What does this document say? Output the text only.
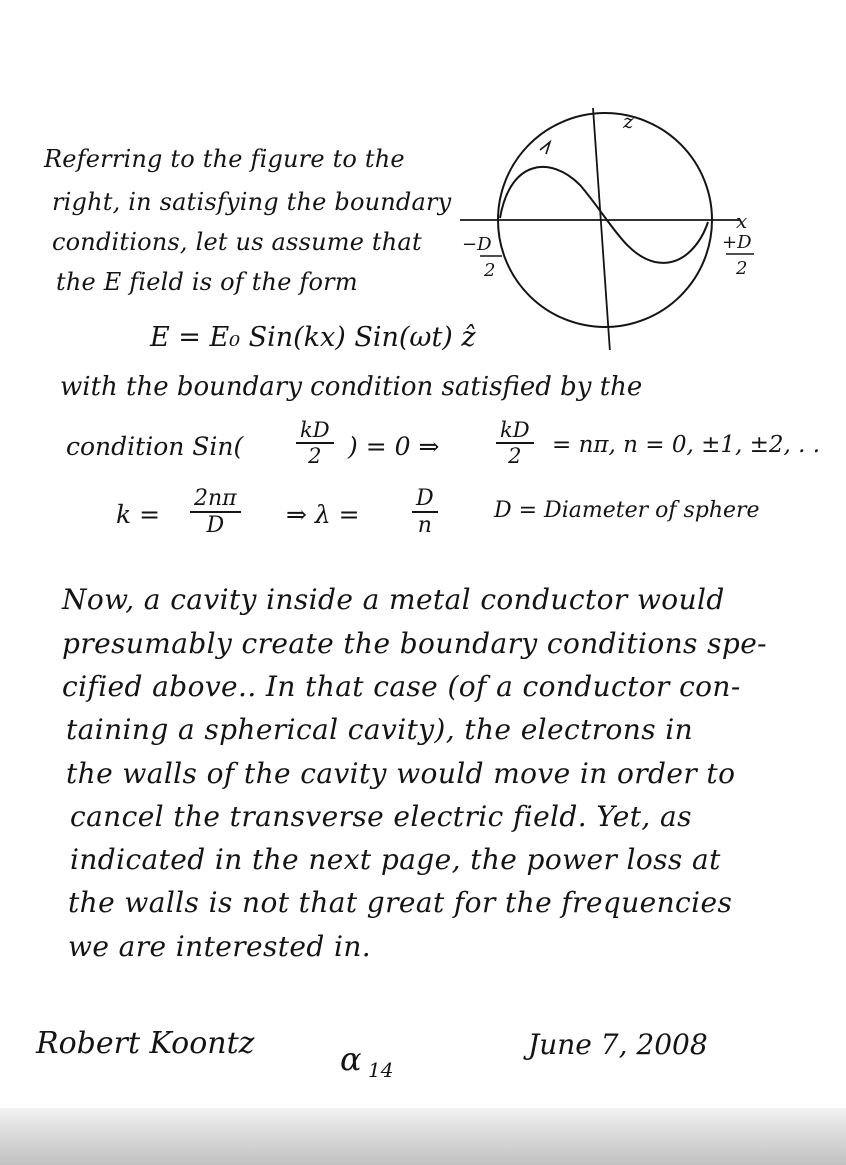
Referring to the figure to the
right, in satisfying the boundary
conditions, let us assume that
the E field is of the form
z
x
−D
2
+D
2
E = E₀ Sin(kx) Sin(ωt) ẑ
with the boundary condition satisfied by the
condition Sin(	$\frac{kD}{2}$ ) = 0 ⇒	$\frac{kD}{2} = n\pi$, n = 0, ±1, ±2, . .
$k = \frac{2n\pi}{D}$ ⇒ $\lambda = \frac{D}{n}$	D = Diameter of sphere
Now, a cavity inside a metal conductor would
presumably create the boundary conditions spe-
cified above.. In that case (of a conductor con-
taining a spherical cavity), the electrons in
the walls of the cavity would move in order to
cancel the transverse electric field. Yet, as
indicated in the next page, the power loss at
the walls is not that great for the frequencies
we are interested in.
Robert Koontz	α 14
June 7, 2008
